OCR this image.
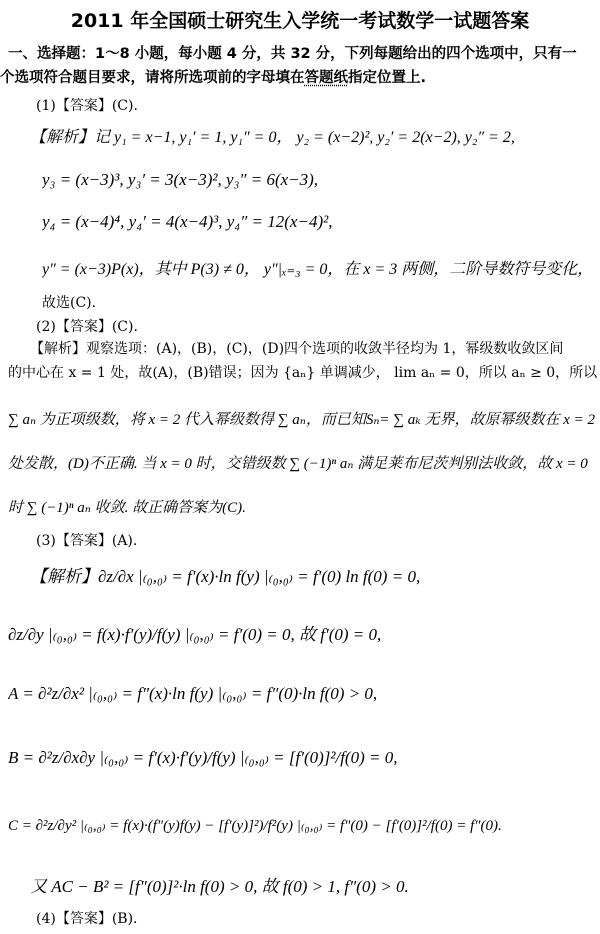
2011 年全国硕士研究生入学统一考试数学一试题答案
一、选择题：1～8 小题，每小题 4 分，共 32 分，下列每题给出的四个选项中，只有一
个选项符合题目要求，请将所选项前的字母填在答题纸指定位置上.
(1)【答案】(C).
【解析】记 y₁ = x−1, y₁′ = 1, y₁″ = 0， y₂ = (x−2)², y₂′ = 2(x−2), y₂″ = 2,
y₃ = (x−3)³, y₃′ = 3(x−3)², y₃″ = 6(x−3),
y₄ = (x−4)⁴, y₄′ = 4(x−4)³, y₄″ = 12(x−4)²,
y″ = (x−3)P(x)，其中 P(3) ≠ 0， y″|ₓ₌₃ = 0，在 x = 3 两侧，二阶导数符号变化，
故选(C).
(2)【答案】(C).
【解析】观察选项：(A)，(B)，(C)，(D)四个选项的收敛半径均为 1，幂级数收敛区间
的中心在 x = 1 处，故(A)，(B)错误；因为 {aₙ} 单调减少， lim aₙ = 0，所以 aₙ ≥ 0，所以
∑ aₙ 为正项级数，将 x = 2 代入幂级数得 ∑ aₙ，而已知Sₙ= ∑ aₖ 无界，故原幂级数在 x = 2
处发散，(D)不正确. 当 x = 0 时，交错级数 ∑ (−1)ⁿ aₙ 满足莱布尼茨判别法收敛，故 x = 0
时 ∑ (−1)ⁿ aₙ 收敛. 故正确答案为(C).
(3)【答案】(A).
【解析】∂z/∂x |₍₀,₀₎ = f′(x)·ln f(y) |₍₀,₀₎ = f′(0) ln f(0) = 0,
∂z/∂y |₍₀,₀₎ = f(x)·f′(y)/f(y) |₍₀,₀₎ = f′(0) = 0, 故 f′(0) = 0,
A = ∂²z/∂x² |₍₀,₀₎ = f″(x)·ln f(y) |₍₀,₀₎ = f″(0)·ln f(0) > 0,
B = ∂²z/∂x∂y |₍₀,₀₎ = f′(x)·f′(y)/f(y) |₍₀,₀₎ = [f′(0)]²/f(0) = 0,
C = ∂²z/∂y² |₍₀,₀₎ = f(x)·(f″(y)f(y) − [f′(y)]²)/f²(y) |₍₀,₀₎ = f″(0) − [f′(0)]²/f(0) = f″(0).
又 AC − B² = [f″(0)]²·ln f(0) > 0, 故 f(0) > 1, f″(0) > 0.
(4)【答案】(B).
